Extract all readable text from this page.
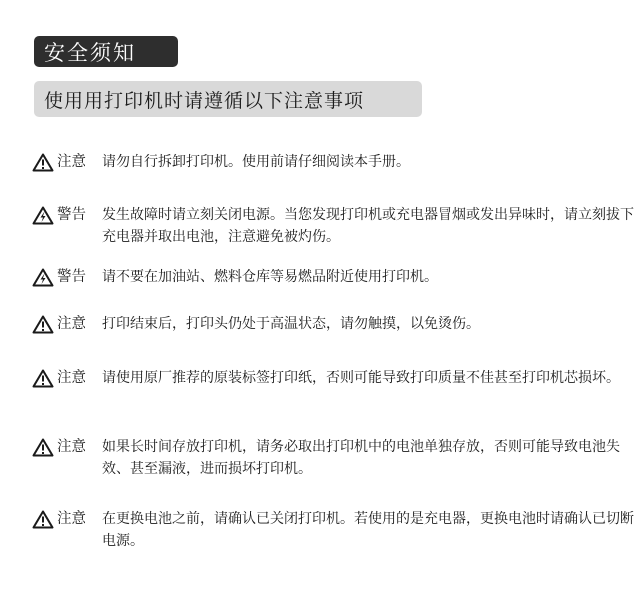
安全须知
使用用打印机时请遵循以下注意事项
注意 请勿自行拆卸打印机。使用前请仔细阅读本手册。
警告 发生故障时请立刻关闭电源。当您发现打印机或充电器冒烟或发出异味时，请立刻拔下充电器并取出电池，注意避免被灼伤。
警告 请不要在加油站、燃料仓库等易燃品附近使用打印机。
注意 打印结束后，打印头仍处于高温状态，请勿触摸，以免烫伤。
注意 请使用原厂推荐的原装标签打印纸，否则可能导致打印质量不佳甚至打印机芯损坏。
注意 如果长时间存放打印机，请务必取出打印机中的电池单独存放，否则可能导致电池失效、甚至漏液，进而损坏打印机。
注意 在更换电池之前，请确认已关闭打印机。若使用的是充电器，更换电池时请确认已切断电源。
